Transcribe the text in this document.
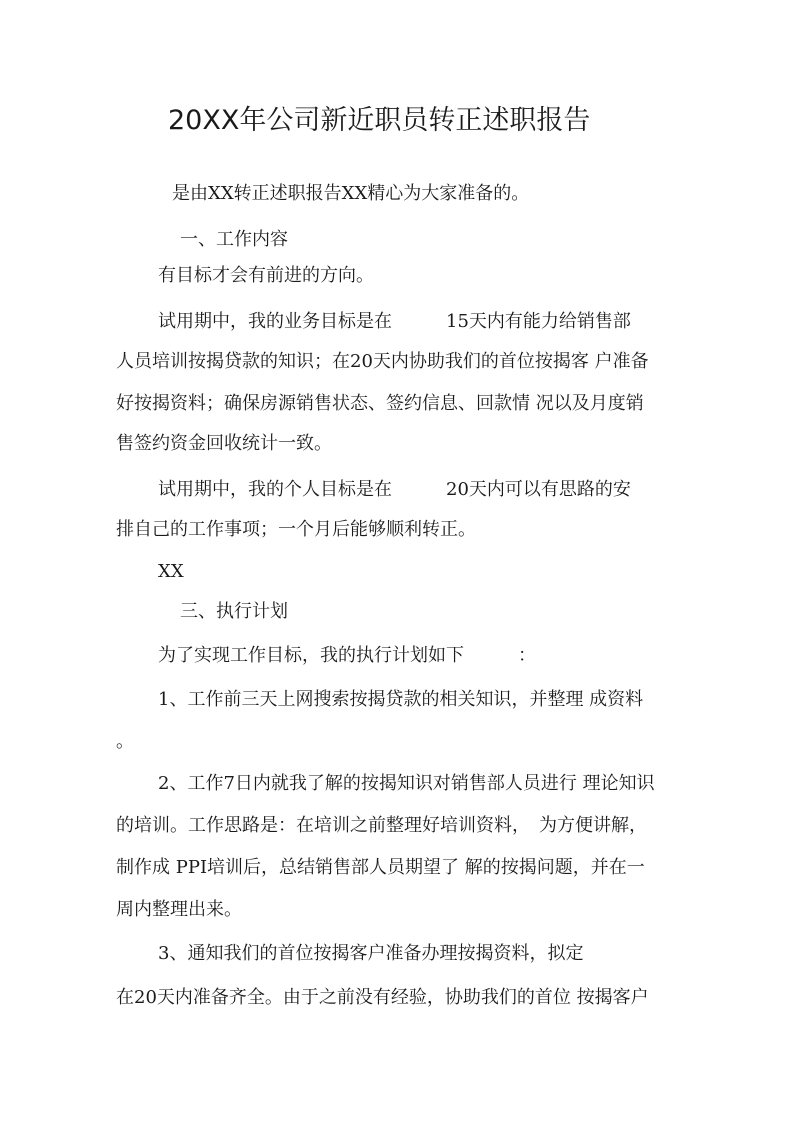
20XX年公司新近职员转正述职报告
是由XX转正述职报告XX精心为大家准备的。
一、工作内容
有目标才会有前进的方向。
试用期中，我的业务目标是在　　　15天内有能力给销售部
人员培训按揭贷款的知识；在20天内协助我们的首位按揭客 户准备
好按揭资料；确保房源销售状态、签约信息、回款情 况以及月度销
售签约资金回收统计一致。
试用期中，我的个人目标是在　　　20天内可以有思路的安
排自己的工作事项；一个月后能够顺利转正。
XX
三、执行计划
为了实现工作目标，我的执行计划如下　　　：
1、工作前三天上网搜索按揭贷款的相关知识，并整理 成资料
。
2、工作7日内就我了解的按揭知识对销售部人员进行 理论知识
的培训。工作思路是：在培训之前整理好培训资料，　为方便讲解，
制作成 PPI培训后，总结销售部人员期望了 解的按揭问题，并在一
周内整理出来。
3、通知我们的首位按揭客户准备办理按揭资料，拟定
在20天内准备齐全。由于之前没有经验，协助我们的首位 按揭客户
